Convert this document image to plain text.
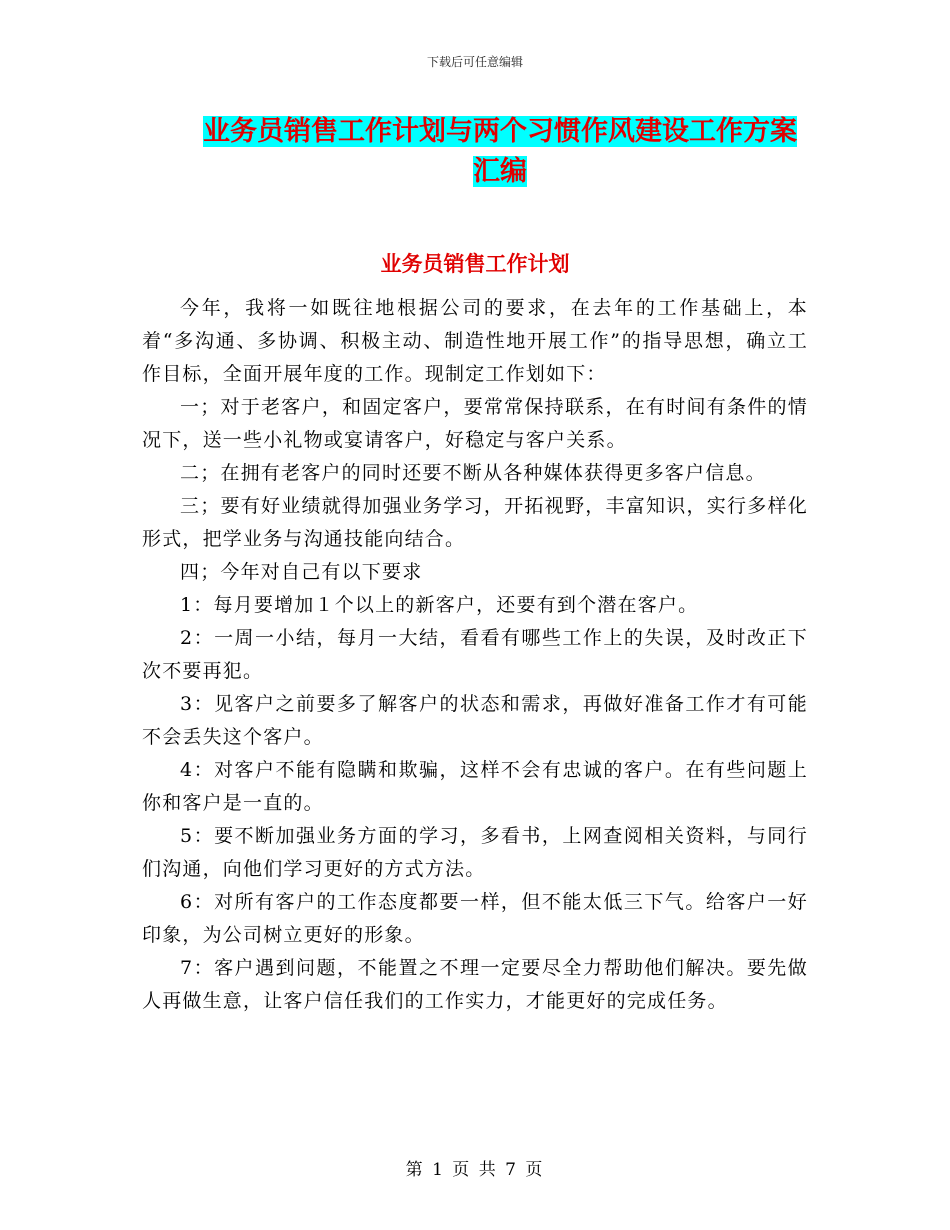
下载后可任意编辑
业务员销售工作计划与两个习惯作风建设工作方案汇编
业务员销售工作计划

今年，我将一如既往地根据公司的要求，在去年的工作基础上，本着“多沟通、多协调、积极主动、制造性地开展工作”的指导思想，确立工作目标，全面开展年度的工作。现制定工作划如下：

一；对于老客户，和固定客户，要常常保持联系，在有时间有条件的情况下，送一些小礼物或宴请客户，好稳定与客户关系。

二；在拥有老客户的同时还要不断从各种媒体获得更多客户信息。

三；要有好业绩就得加强业务学习，开拓视野，丰富知识，实行多样化形式，把学业务与沟通技能向结合。

四；今年对自己有以下要求

1：每月要增加１个以上的新客户，还要有到个潜在客户。

2：一周一小结，每月一大结，看看有哪些工作上的失误，及时改正下次不要再犯。

3：见客户之前要多了解客户的状态和需求，再做好准备工作才有可能不会丢失这个客户。

4：对客户不能有隐瞒和欺骗，这样不会有忠诚的客户。在有些问题上你和客户是一直的。

5：要不断加强业务方面的学习，多看书，上网查阅相关资料，与同行们沟通，向他们学习更好的方式方法。

6：对所有客户的工作态度都要一样，但不能太低三下气。给客户一好印象，为公司树立更好的形象。

7：客户遇到问题，不能置之不理一定要尽全力帮助他们解决。要先做人再做生意，让客户信任我们的工作实力，才能更好的完成任务。

第 1 页 共 7 页
